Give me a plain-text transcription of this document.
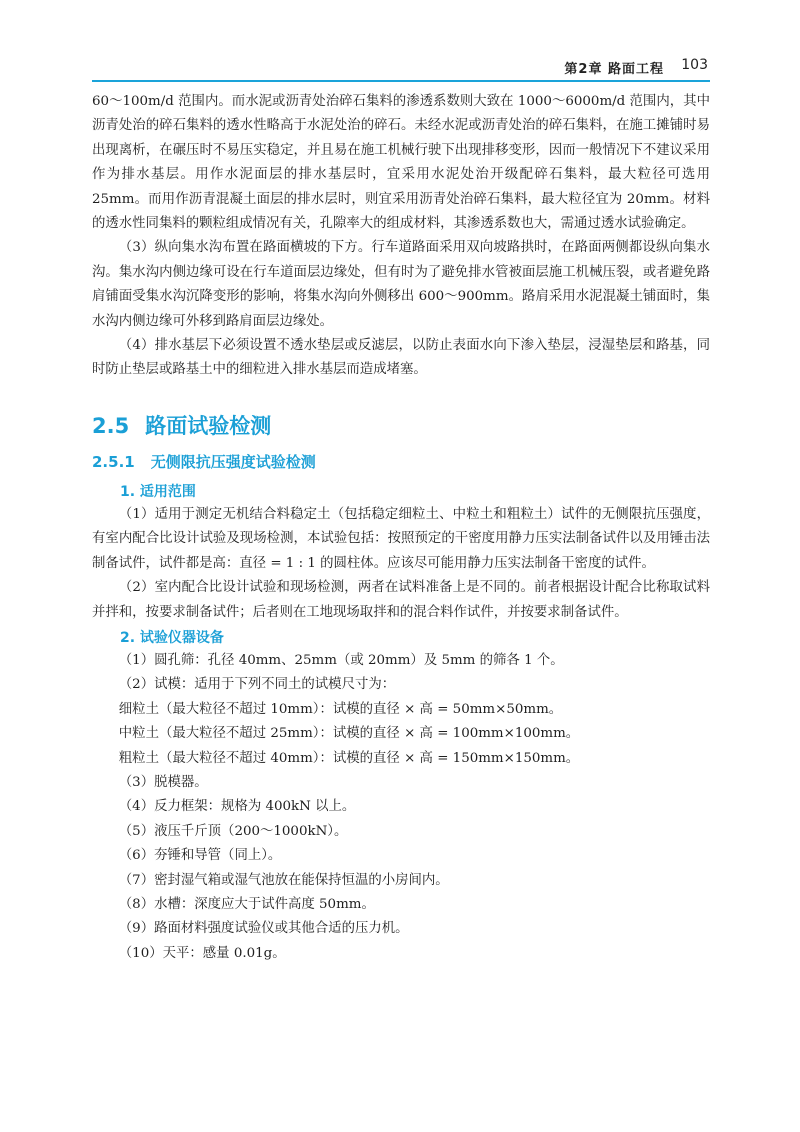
第2章 路面工程 103

60～100m/d 范围内。而水泥或沥青处治碎石集料的渗透系数则大致在 1000～6000m/d 范围内，其中沥青处治的碎石集料的透水性略高于水泥处治的碎石。未经水泥或沥青处治的碎石集料，在施工摊铺时易出现离析，在碾压时不易压实稳定，并且易在施工机械行驶下出现排移变形，因而一般情况下不建议采用作为排水基层。用作水泥面层的排水基层时，宜采用水泥处治开级配碎石集料，最大粒径可选用 25mm。而用作沥青混凝土面层的排水层时，则宜采用沥青处治碎石集料，最大粒径宜为 20mm。材料的透水性同集料的颗粒组成情况有关，孔隙率大的组成材料，其渗透系数也大，需通过透水试验确定。

（3）纵向集水沟布置在路面横坡的下方。行车道路面采用双向坡路拱时，在路面两侧都设纵向集水沟。集水沟内侧边缘可设在行车道面层边缘处，但有时为了避免排水管被面层施工机械压裂，或者避免路肩铺面受集水沟沉降变形的影响，将集水沟向外侧移出 600～900mm。路肩采用水泥混凝土铺面时，集水沟内侧边缘可外移到路肩面层边缘处。

（4）排水基层下必须设置不透水垫层或反滤层，以防止表面水向下渗入垫层，浸湿垫层和路基，同时防止垫层或路基土中的细粒进入排水基层而造成堵塞。

2.5 路面试验检测
2.5.1 无侧限抗压强度试验检测
1. 适用范围

（1）适用于测定无机结合料稳定土（包括稳定细粒土、中粒土和粗粒土）试件的无侧限抗压强度，有室内配合比设计试验及现场检测，本试验包括：按照预定的干密度用静力压实法制备试件以及用锤击法制备试件，试件都是高：直径 = 1 : 1 的圆柱体。应该尽可能用静力压实法制备干密度的试件。

（2）室内配合比设计试验和现场检测，两者在试料准备上是不同的。前者根据设计配合比称取试料并拌和，按要求制备试件；后者则在工地现场取拌和的混合料作试件，并按要求制备试件。

2. 试验仪器设备

（1）圆孔筛：孔径 40mm、25mm（或 20mm）及 5mm 的筛各 1 个。

（2）试模：适用于下列不同土的试模尺寸为：

细粒土（最大粒径不超过 10mm）：试模的直径 × 高 = 50mm×50mm。

中粒土（最大粒径不超过 25mm）：试模的直径 × 高 = 100mm×100mm。

粗粒土（最大粒径不超过 40mm）：试模的直径 × 高 = 150mm×150mm。

（3）脱模器。

（4）反力框架：规格为 400kN 以上。

（5）液压千斤顶（200～1000kN）。

（6）夯锤和导管（同上）。

（7）密封湿气箱或湿气池放在能保持恒温的小房间内。

（8）水槽：深度应大于试件高度 50mm。

（9）路面材料强度试验仪或其他合适的压力机。

（10）天平：感量 0.01g。
